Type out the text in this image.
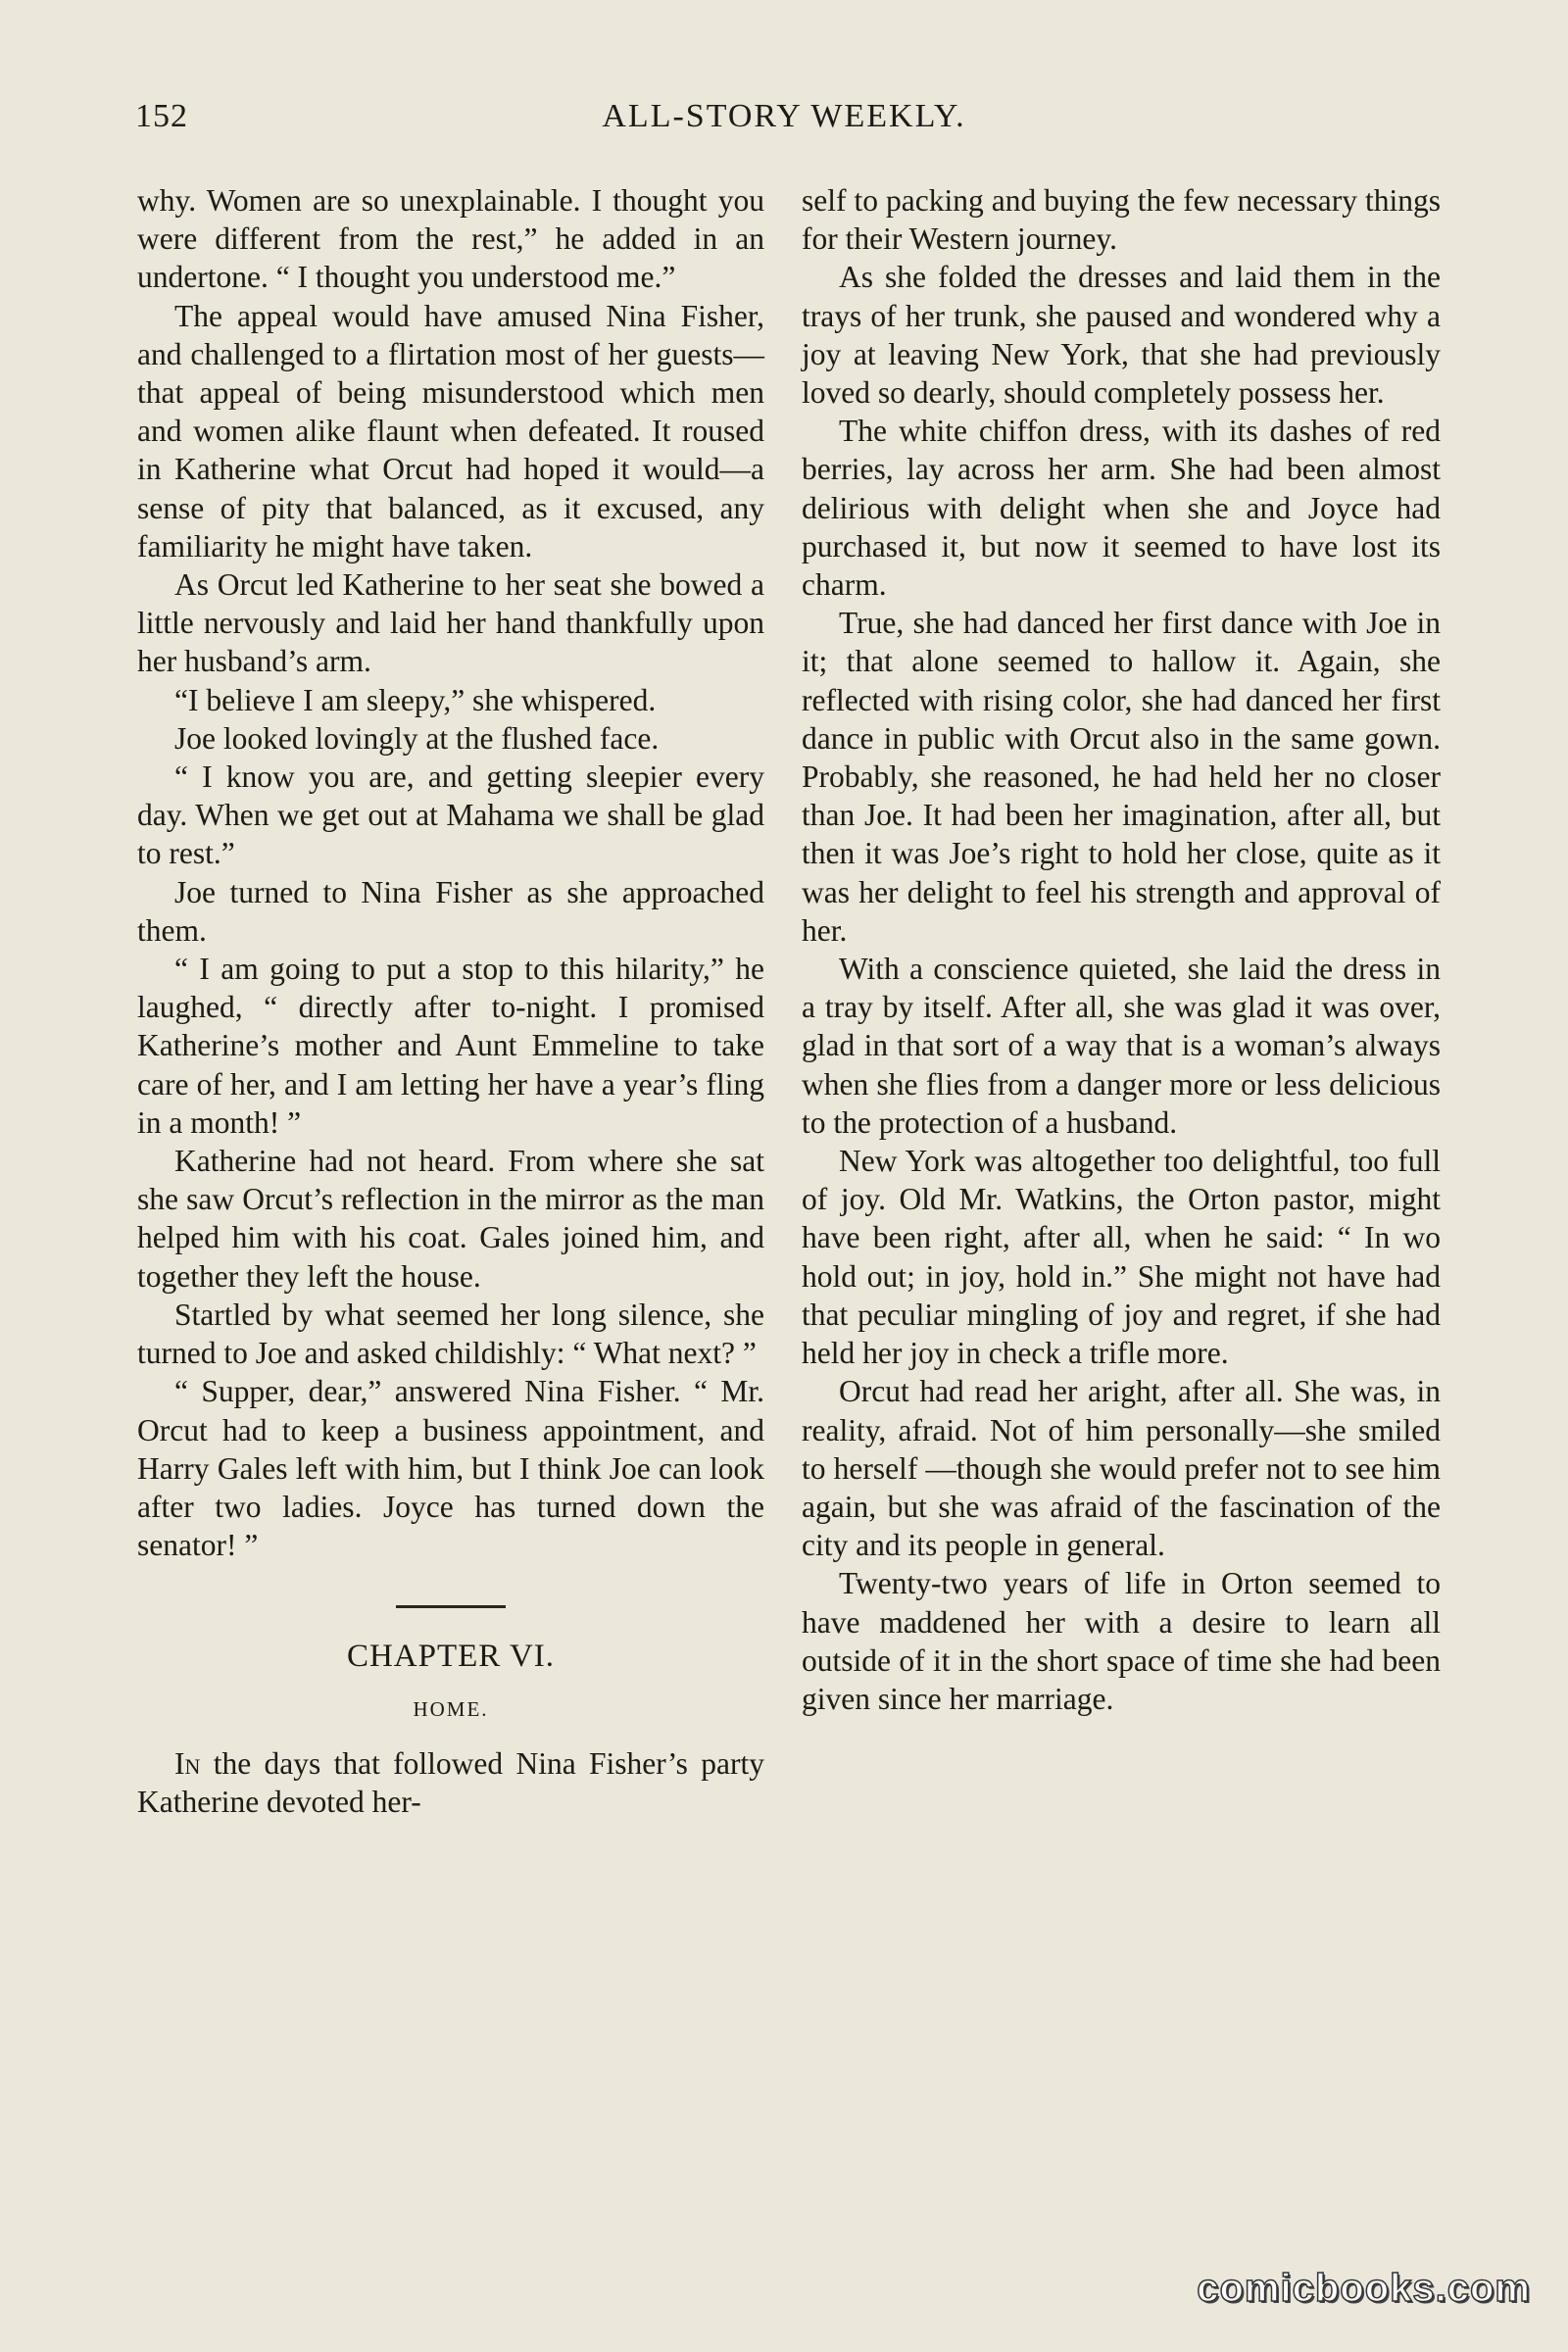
152	ALL-STORY WEEKLY.

why. Women are so unexplainable. I thought you were different from the rest,” he added in an undertone. “ I thought you understood me.”

The appeal would have amused Nina Fisher, and challenged to a flirtation most of her guests—that appeal of being misunderstood which men and women alike flaunt when defeated. It roused in Katherine what Orcut had hoped it would—a sense of pity that balanced, as it excused, any familiarity he might have taken.

As Orcut led Katherine to her seat she bowed a little nervously and laid her hand thankfully upon her husband’s arm.

“I believe I am sleepy,” she whispered.

Joe looked lovingly at the flushed face.

“ I know you are, and getting sleepier every day. When we get out at Mahama we shall be glad to rest.”

Joe turned to Nina Fisher as she approached them.

“ I am going to put a stop to this hilarity,” he laughed, “ directly after to-night. I promised Katherine’s mother and Aunt Emmeline to take care of her, and I am letting her have a year’s fling in a month! ”

Katherine had not heard. From where she sat she saw Orcut’s reflection in the mirror as the man helped him with his coat. Gales joined him, and together they left the house.

Startled by what seemed her long silence, she turned to Joe and asked childishly: “ What next? ”

“ Supper, dear,” answered Nina Fisher. “ Mr. Orcut had to keep a business appointment, and Harry Gales left with him, but I think Joe can look after two ladies. Joyce has turned down the senator! ”

CHAPTER VI.
HOME.

In the days that followed Nina Fisher’s party Katherine devoted her-

self to packing and buying the few necessary things for their Western journey.

As she folded the dresses and laid them in the trays of her trunk, she paused and wondered why a joy at leaving New York, that she had previously loved so dearly, should completely possess her.

The white chiffon dress, with its dashes of red berries, lay across her arm. She had been almost delirious with delight when she and Joyce had purchased it, but now it seemed to have lost its charm.

True, she had danced her first dance with Joe in it; that alone seemed to hallow it. Again, she reflected with rising color, she had danced her first dance in public with Orcut also in the same gown. Probably, she reasoned, he had held her no closer than Joe. It had been her imagination, after all, but then it was Joe’s right to hold her close, quite as it was her delight to feel his strength and approval of her.

With a conscience quieted, she laid the dress in a tray by itself. After all, she was glad it was over, glad in that sort of a way that is a woman’s always when she flies from a danger more or less delicious to the protection of a husband.

New York was altogether too delightful, too full of joy. Old Mr. Watkins, the Orton pastor, might have been right, after all, when he said: “ In wo hold out; in joy, hold in.” She might not have had that peculiar mingling of joy and regret, if she had held her joy in check a trifle more.

Orcut had read her aright, after all. She was, in reality, afraid. Not of him personally—she smiled to herself —though she would prefer not to see him again, but she was afraid of the fascination of the city and its people in general.

Twenty-two years of life in Orton seemed to have maddened her with a desire to learn all outside of it in the short space of time she had been given since her marriage.

comicbooks.com
